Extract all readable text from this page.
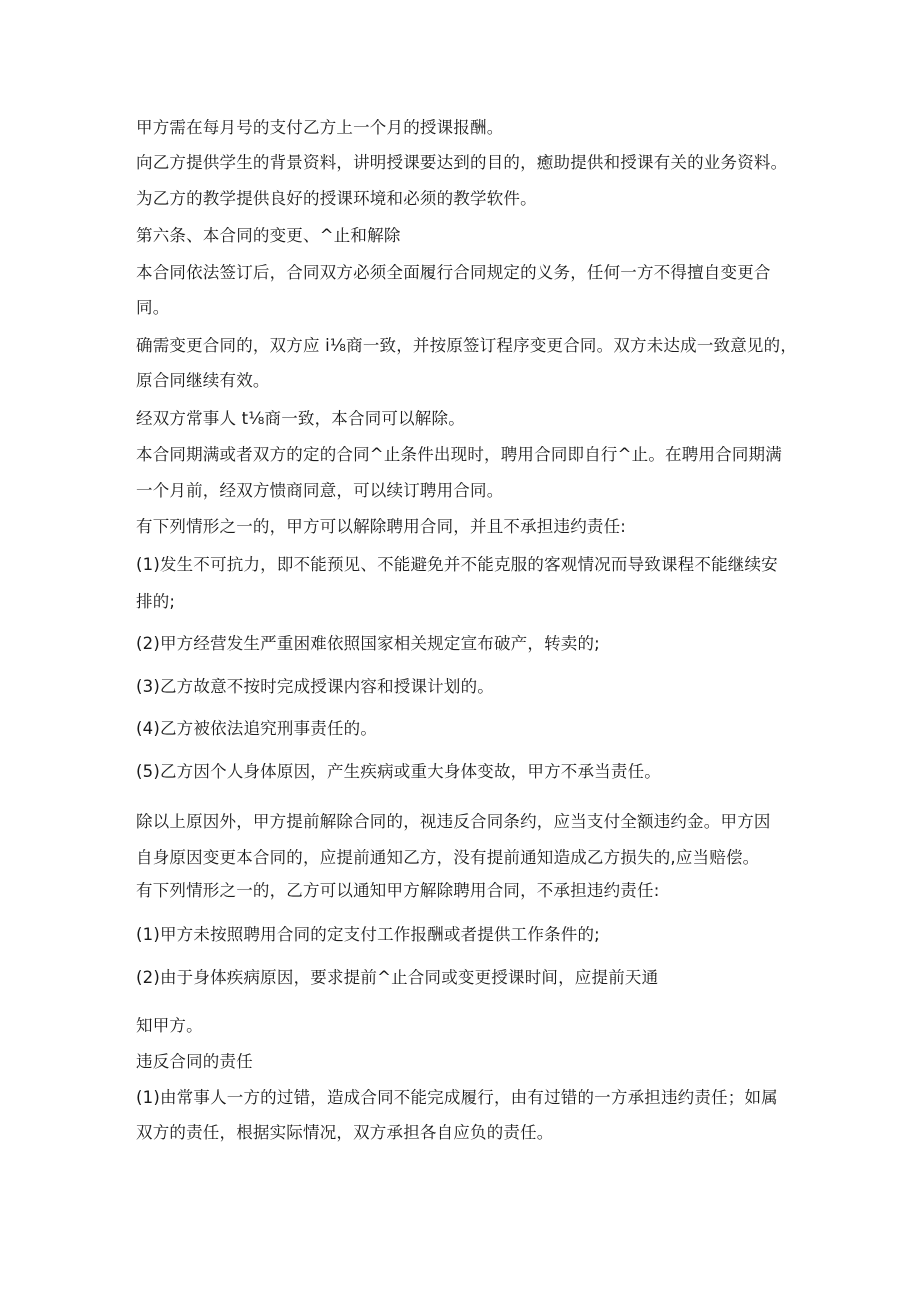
甲方需在每月号的支付乙方上一个月的授课报酬。
向乙方提供学生的背景资料，讲明授课要达到的目的，癒助提供和授课有关的业务资料。
为乙方的教学提供良好的授课环境和必须的教学软件。
第六条、本合同的变更、^止和解除
本合同依法签订后，合同双方必须全面履行合同规定的义务，任何一方不得擅自变更合
同。
确需变更合同的，双方应 i⅛商一致，并按原签订程序变更合同。双方未达成一致意见的，
原合同继续有效。
经双方常事人 t⅛商一致，本合同可以解除。
本合同期满或者双方的定的合同^止条件出现时，聘用合同即自行^止。在聘用合同期满
一个月前，经双方愦商同意，可以续订聘用合同。
有下列情形之一的，甲方可以解除聘用合同，并且不承担违约责任:
(1)发生不可抗力，即不能预见、不能避免并不能克服的客观情况而导致课程不能继续安
排的;
(2)甲方经营发生严重困难依照国家相关规定宣布破产，转卖的;
(3)乙方故意不按时完成授课内容和授课计划的。
(4)乙方被依法追究刑事责任的。
(5)乙方因个人身体原因，产生疾病或重大身体变故，甲方不承当责任。
除以上原因外，甲方提前解除合同的，视违反合同条约，应当支付全额违约金。甲方因
自身原因变更本合同的，应提前通知乙方，没有提前通知造成乙方损失的,应当赔偿。
有下列情形之一的，乙方可以通知甲方解除聘用合同，不承担违约责任:
(1)甲方未按照聘用合同的定支付工作报酬或者提供工作条件的;
(2)由于身体疾病原因，要求提前^止合同或变更授课时间，应提前天通
知甲方。
违反合同的责任
(1)由常事人一方的过错，造成合同不能完成履行，由有过错的一方承担违约责任；如属
双方的责任，根据实际情况，双方承担各自应负的责任。
